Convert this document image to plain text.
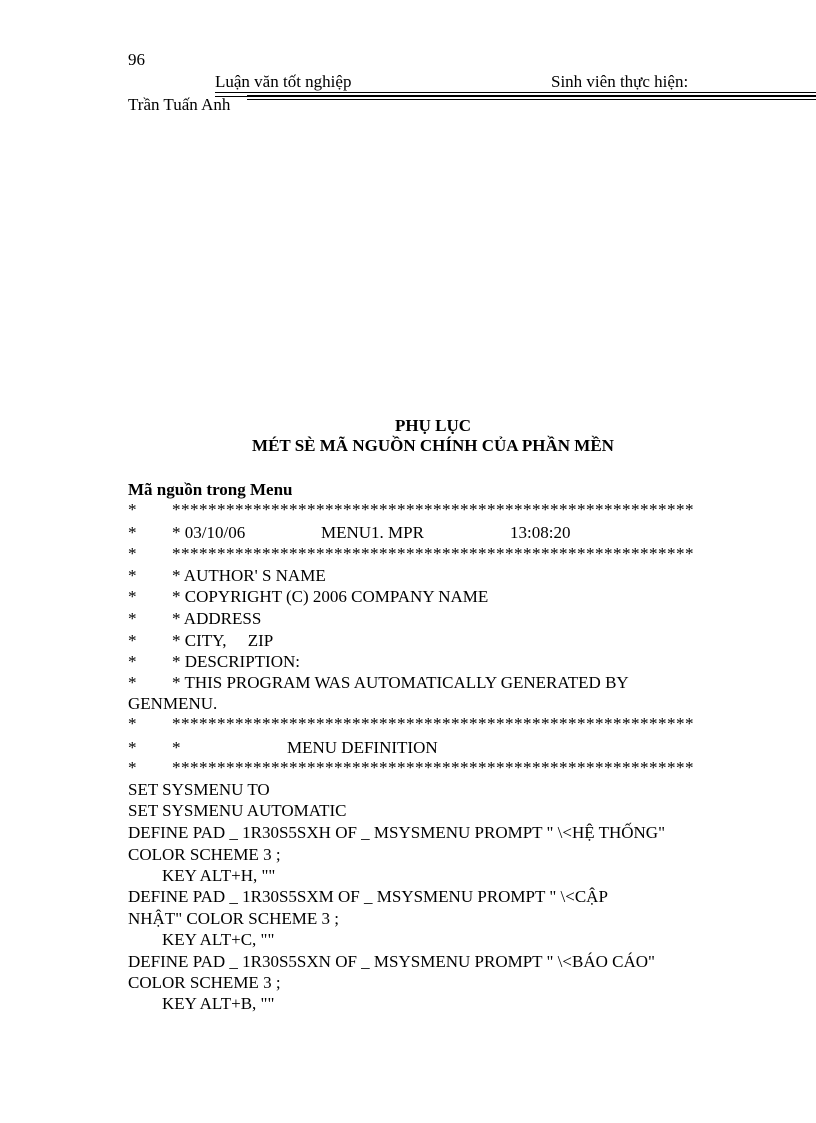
96
Luận văn tốt nghiệp	Sinh viên thực hiện:
Trần Tuấn Anh
PHỤ LỤC
MÉT SÈ MÃ NGUỒN CHÍNH CỦA PHẦN MỀN
Mã nguồn trong Menu
* **********************************************************
* * 03/10/06	MENU1. MPR	13:08:20
* **********************************************************
* * AUTHOR' S NAME
* * COPYRIGHT (C) 2006 COMPANY NAME
* * ADDRESS
* * CITY,     ZIP
* * DESCRIPTION:
* * THIS PROGRAM WAS AUTOMATICALLY GENERATED BY
GENMENU.
* **********************************************************
* *	MENU DEFINITION
* **********************************************************
SET SYSMENU TO
SET SYSMENU AUTOMATIC
DEFINE PAD _ 1R30S5SXH OF _ MSYSMENU PROMPT " \<HỆ THỐNG"
COLOR SCHEME 3 ;
KEY ALT+H, ""
DEFINE PAD _ 1R30S5SXM OF _ MSYSMENU PROMPT " \<CẬP
NHẬT" COLOR SCHEME 3 ;
KEY ALT+C, ""
DEFINE PAD _ 1R30S5SXN OF _ MSYSMENU PROMPT " \<BÁO CÁO"
COLOR SCHEME 3 ;
KEY ALT+B, ""
